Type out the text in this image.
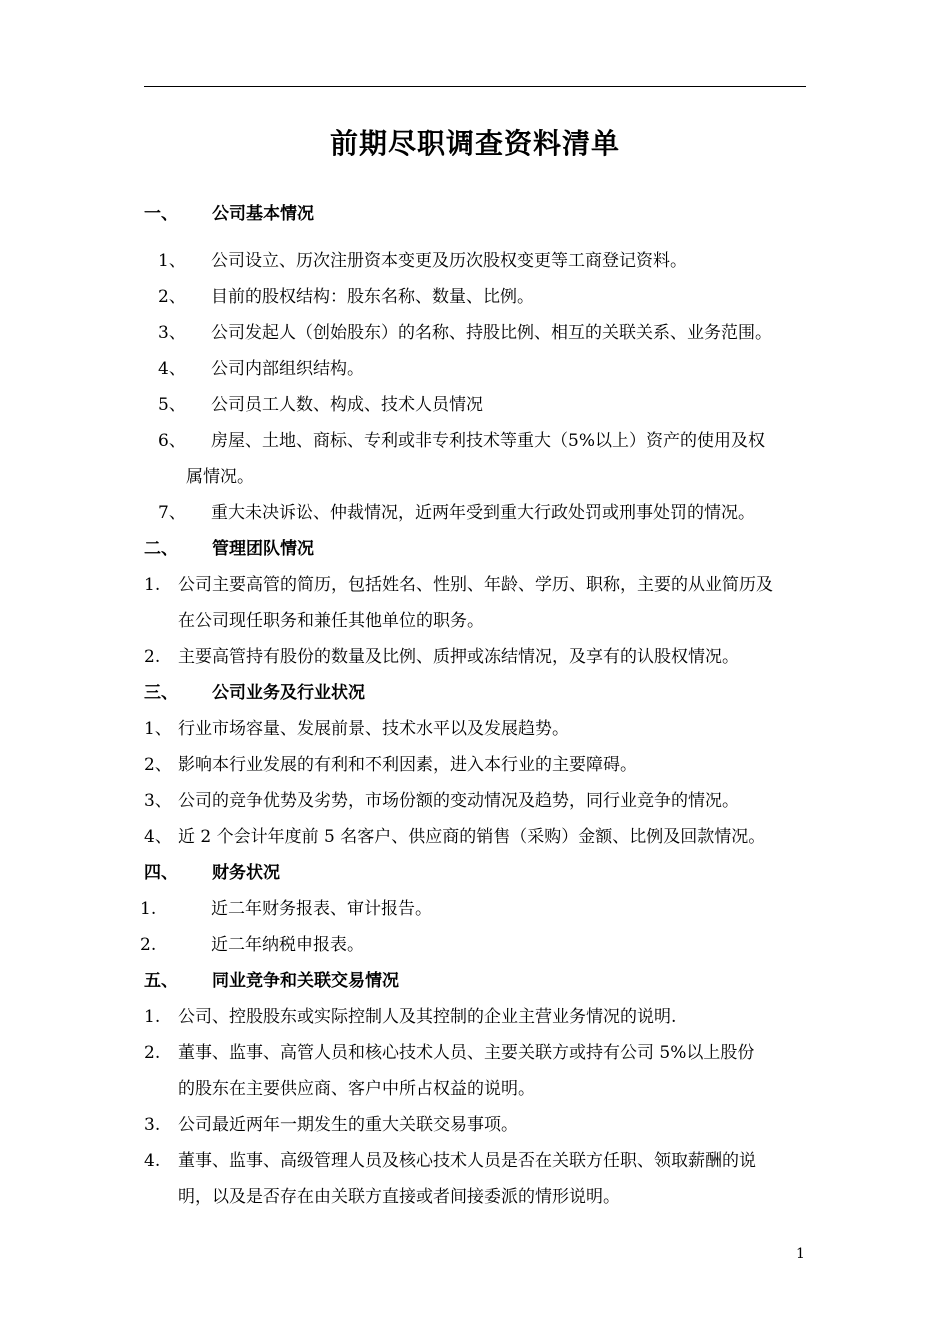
前期尽职调查资料清单
一、 公司基本情况
1、 公司设立、历次注册资本变更及历次股权变更等工商登记资料。
2、 目前的股权结构：股东名称、数量、比例。
3、 公司发起人（创始股东）的名称、持股比例、相互的关联关系、业务范围。
4、 公司内部组织结构。
5、 公司员工人数、构成、技术人员情况
6、 房屋、土地、商标、专利或非专利技术等重大（5%以上）资产的使用及权
属情况。
7、 重大未决诉讼、仲裁情况，近两年受到重大行政处罚或刑事处罚的情况。
二、 管理团队情况
1. 公司主要高管的简历，包括姓名、性别、年龄、学历、职称，主要的从业简历及
在公司现任职务和兼任其他单位的职务。
2. 主要高管持有股份的数量及比例、质押或冻结情况，及享有的认股权情况。
三、 公司业务及行业状况
1、 行业市场容量、发展前景、技术水平以及发展趋势。
2、 影响本行业发展的有利和不利因素，进入本行业的主要障碍。
3、 公司的竞争优势及劣势，市场份额的变动情况及趋势，同行业竞争的情况。
4、 近 2 个会计年度前 5 名客户、供应商的销售（采购）金额、比例及回款情况。
四、 财务状况
1.	近二年财务报表、审计报告。
2.	近二年纳税申报表。
五、 同业竞争和关联交易情况
1. 公司、控股股东或实际控制人及其控制的企业主营业务情况的说明.
2. 董事、监事、高管人员和核心技术人员、主要关联方或持有公司 5%以上股份
的股东在主要供应商、客户中所占权益的说明。
3. 公司最近两年一期发生的重大关联交易事项。
4. 董事、监事、高级管理人员及核心技术人员是否在关联方任职、领取薪酬的说
明，以及是否存在由关联方直接或者间接委派的情形说明。
1
